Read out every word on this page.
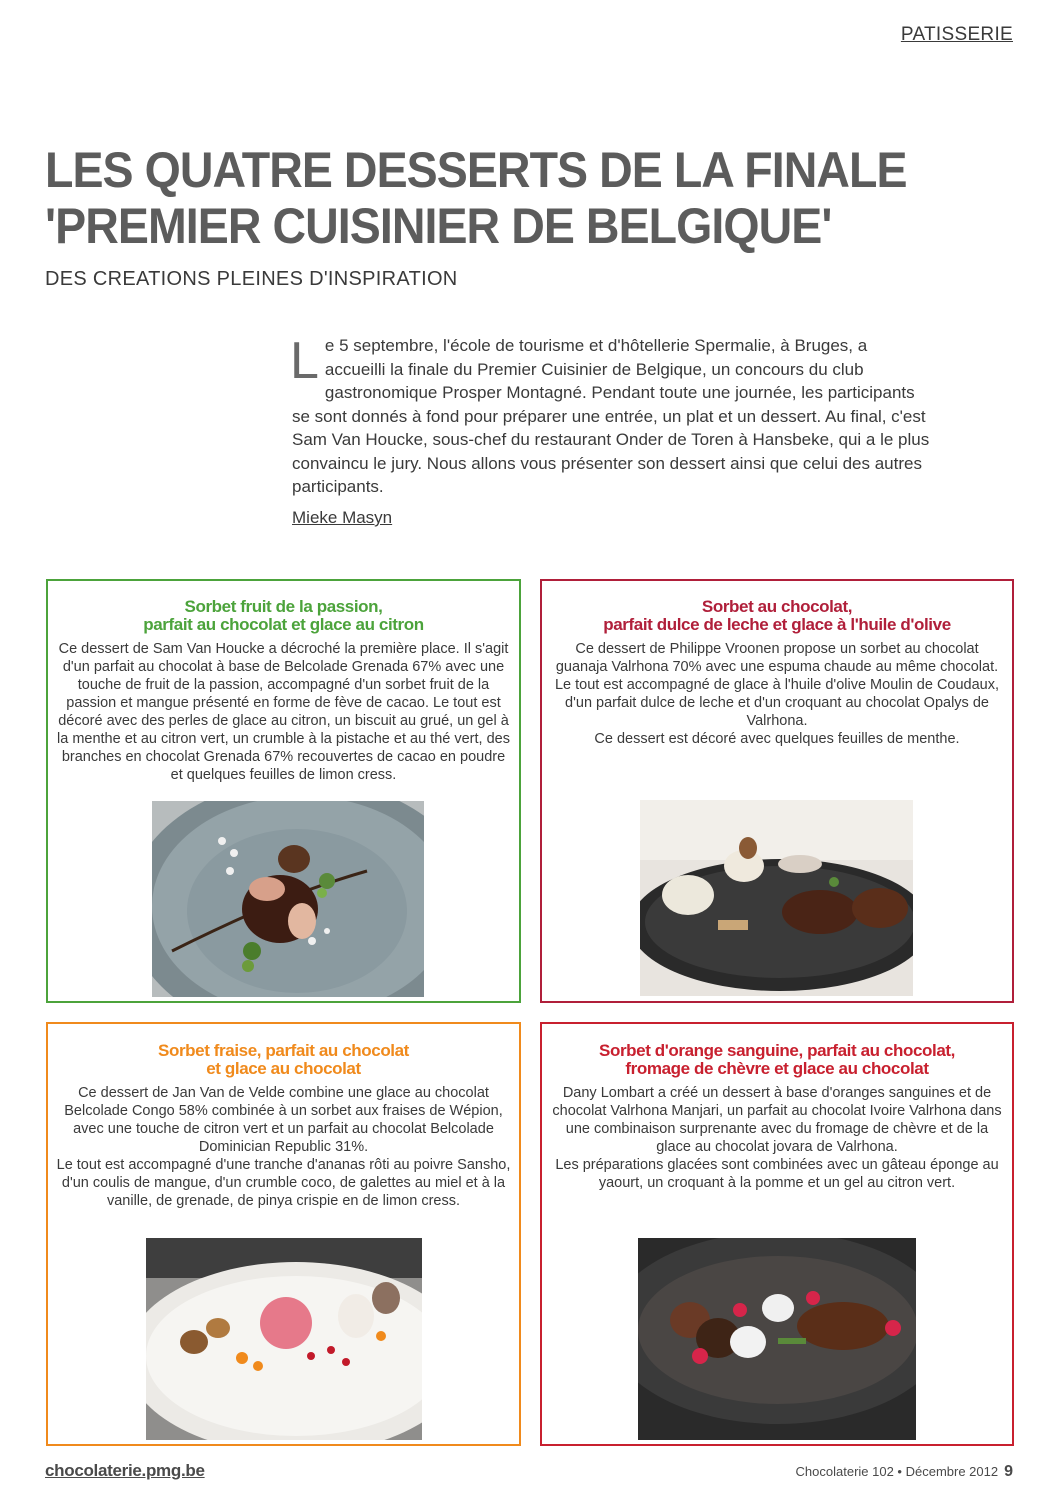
PATISSERIE
LES QUATRE DESSERTS DE LA FINALE
'PREMIER CUISINIER DE BELGIQUE'
DES CREATIONS PLEINES D'INSPIRATION
Le 5 septembre, l'école de tourisme et d'hôtellerie Spermalie, à Bruges, a accueilli la finale du Premier Cuisinier de Belgique, un concours du club gastronomique Prosper Montagné. Pendant toute une journée, les participants se sont donnés à fond pour préparer une entrée, un plat et un dessert. Au final, c'est Sam Van Houcke, sous-chef du restaurant Onder de Toren à Hansbeke, qui a le plus convaincu le jury. Nous allons vous présenter son dessert ainsi que celui des autres participants.
Mieke Masyn
Sorbet fruit de la passion,
parfait au chocolat et glace au citron

Ce dessert de Sam Van Houcke a décroché la première place. Il s'agit d'un parfait au chocolat à base de Belcolade Grenada 67% avec une touche de fruit de la passion, accompagné d'un sorbet fruit de la passion et mangue présenté en forme de fève de cacao. Le tout est décoré avec des perles de glace au citron, un biscuit au grué, un gel à la menthe et au citron vert, un crumble à la pistache et au thé vert, des branches en chocolat Grenada 67% recouvertes de cacao en poudre et quelques feuilles de limon cress.

Sorbet au chocolat,
parfait dulce de leche et glace à l'huile d'olive

Ce dessert de Philippe Vroonen propose un sorbet au chocolat guanaja Valrhona 70% avec une espuma chaude au même chocolat.

Le tout est accompagné de glace à l'huile d'olive Moulin de Coudaux, d'un parfait dulce de leche et d'un croquant au chocolat Opalys de Valrhona.

Ce dessert est décoré avec quelques feuilles de menthe.

Sorbet fraise, parfait au chocolat
et glace au chocolat

Ce dessert de Jan Van de Velde combine une glace au chocolat Belcolade Congo 58% combinée à un sorbet aux fraises de Wépion, avec une touche de citron vert et un parfait au chocolat Belcolade Dominician Republic 31%.

Le tout est accompagné d'une tranche d'ananas rôti au poivre Sansho, d'un coulis de mangue, d'un crumble coco, de galettes au miel et à la vanille, de grenade, de pinya crispie en de limon cress.

Sorbet d'orange sanguine, parfait au chocolat,
fromage de chèvre et glace au chocolat

Dany Lombart a créé un dessert à base d'oranges sanguines et de chocolat Valrhona Manjari, un parfait au chocolat Ivoire Valrhona dans une combinaison surprenante avec du fromage de chèvre et de la glace au chocolat jovara de Valrhona.

Les préparations glacées sont combinées avec un gâteau éponge au yaourt, un croquant à la pomme et un gel au citron vert.

chocolaterie.pmg.be	Chocolaterie 102 • Décembre 2012 9
